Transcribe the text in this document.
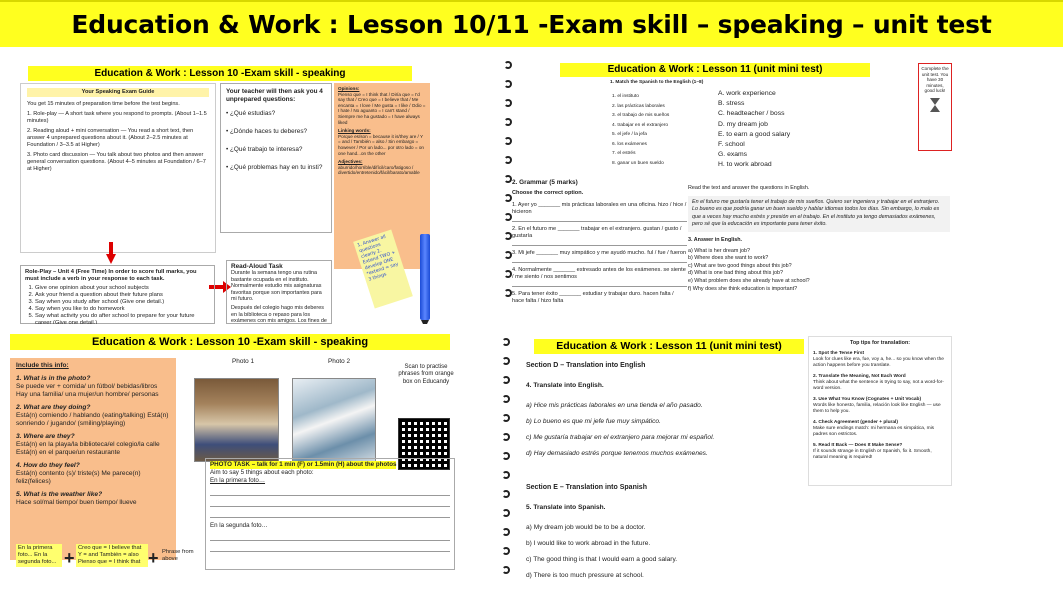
Education & Work : Lesson 10/11 -Exam skill – speaking – unit test
Education & Work : Lesson 10 -Exam skill - speaking
Your Speaking Exam Guide

You get 15 minutes of preparation time before the test begins.

1. Role-play — A short task where you respond to prompts. (About 1–1.5 minutes)

2. Reading aloud + mini conversation — You read a short text, then answer 4 unprepared questions about it. (About 2–2.5 minutes at Foundation / 3–3.5 at Higher)

3. Photo card discussion — You talk about two photos and then answer general conversation questions. (About 4–5 minutes at Foundation / 6–7 at Higher)

Your teacher will then ask you 4 unprepared questions:
• ¿Qué estudias?
• ¿Dónde haces tu deberes?
• ¿Qué trabajo te interesa?
• ¿Qué problemas hay en tu insti?
Opinions:
Pienso que = I think that / Diría que = I'd say that / Creo que = I believe that / Me encanta = I love / Me gusta = I like / Odio = I hate / No aguanto = I can't stand / Siempre me ha gustado = I have always liked
Linking words:
Porque es/son = because it is/they are / Y = and / También = also / Sin embargo = however / Por un lado... por otro lado = on one hand...on the other
Adjectives:
aburrido/horrible/difícil/caro/fatigoso / divertido/entretenido/fácil/barato/amable
Role-Play – Unit 4 (Free Time) In order to score full marks, you must include a verb in your response to each task.
1. Give one opinion about your school subjects
2. Ask your friend a question about their future plans
3. Say when you study after school (Give one detail.)
4. Say when you like to do homework
5. Say what activity you do after school to prepare for your future career (Give one detail.)
Read-Aloud Task

Durante la semana tengo una rutina bastante ocupada en el instituto. Normalmente estudio mis asignaturas favoritas porque son importantes para mi futuro.

Después del colegio hago mis deberes en la biblioteca o repaso para los exámenes con mis amigos. Los fines de

1. Answer all questions clearly 2. Extend TWO + develop ONE *extend = say 3 things
Education & Work : Lesson 11 (unit mini test)
1. Match the Spanish to the English (1–8)
1. el instituto
2. las prácticas laborales
3. el trabajo de mis sueños
4. trabajar en el extranjero
5. el jefe / la jefa
6. los exámenes
7. el estrés
8. ganar un buen sueldo
A. work experience
B. stress
C. headteacher / boss
D. my dream job
E. to earn a good salary
F. school
G. exams
H. to work abroad
Complete the unit test. You have 30 minutes, good luck!
2. Grammar (5 marks)
Choose the correct option.
1. Ayer yo _______ mis prácticas laborales en una oficina. hizo / hice / hicieron
2. En el futuro me _______ trabajar en el extranjero. gustan / gusto / gustaría
3. Mi jefe _______ muy simpático y me ayudó mucho. ful / fue / fueron
4. Normalmente _______ estresado antes de los exámenes. se siente / me siento / nos sentimos
5. Para tener éxito _______ estudiar y trabajar duro. hacen falta / hace falta / hizo falta
Read the text and answer the questions in English.
En el futuro me gustaría tener el trabajo de mis sueños. Quiero ser ingeniera y trabajar en el extranjero. Lo bueno es que podría ganar un buen sueldo y hablar idiomas todos los días. Sin embargo, lo malo es que a veces hay mucho estrés y presión en el trabajo. En el instituto ya tengo demasiados exámenes, pero sé que la educación es importante para tener éxito.
3. Answer in English.
a) What is her dream job?
b) Where does she want to work?
c) What are two good things about this job?
d) What is one bad thing about this job?
e) What problem does she already have at school?
f) Why does she think education is important?
Education & Work : Lesson 10 -Exam skill - speaking
Include this info:
1. What is in the photo?
Se puede ver + comida/ un fútbol/ bebidas/libros Hay una familia/ una mujer/un hombre/ personas
2. What are they doing?
Está(n) comiendo / hablando (eating/talking) Está(n) sonriendo / jugando/ (smiling/playing)
3. Where are they?
Está(n) en la playa/la biblioteca/el colegio/la calle Está(n) en el parque/un restaurante
4. How do they feel?
Está(n) contento (s)/ triste(s) Me parece(n) feliz(felices)
5. What is the weather like?
Hace sol/mal tiempo/ buen tiempo/ llueve
Photo 1	Photo 2
Scan to practise phrases from orange box on Educandy
PHOTO TASK – talk for 1 min (F) or 1.5min (H) about the photos
Aim to say 5 things about each photo:
En la primera foto…
En la segunda foto…
En la primera foto... En la segunda foto... + Creo que = I believe that Y = and También = also Pienso que = I think that + Phrase from above
Education & Work : Lesson 11 (unit mini test)
Section D – Translation into English
4. Translate into English.
a) Hice mis prácticas laborales en una tienda el año pasado.
b) Lo bueno es que mi jefe fue muy simpático.
c) Me gustaría trabajar en el extranjero para mejorar mi español.
d) Hay demasiado estrés porque tenemos muchos exámenes.
Section E – Translation into Spanish
5. Translate into Spanish.
a) My dream job would be to be a doctor.
b) I would like to work abroad in the future.
c) The good thing is that I would earn a good salary.
d) There is too much pressure at school.
Top tips for translation:
1. Spot the Tense First
Look for clues like era, fue, voy a, he... so you know when the action happens before you translate.
2. Translate the Meaning, Not Each Word
Think about what the sentence is trying to say, not a word-for-word version.
3. Use What You Know (Cognates + Unit Vocab)
Words like honesto, familia, relación look like English — use them to help you.
4. Check Agreement (gender + plural)
Make sure endings match: mi hermana es simpática, mis padres son estrictos.
5. Read It Back — Does It Make Sense?
If it sounds strange in English or Spanish, fix it. Smooth, natural meaning is required!
